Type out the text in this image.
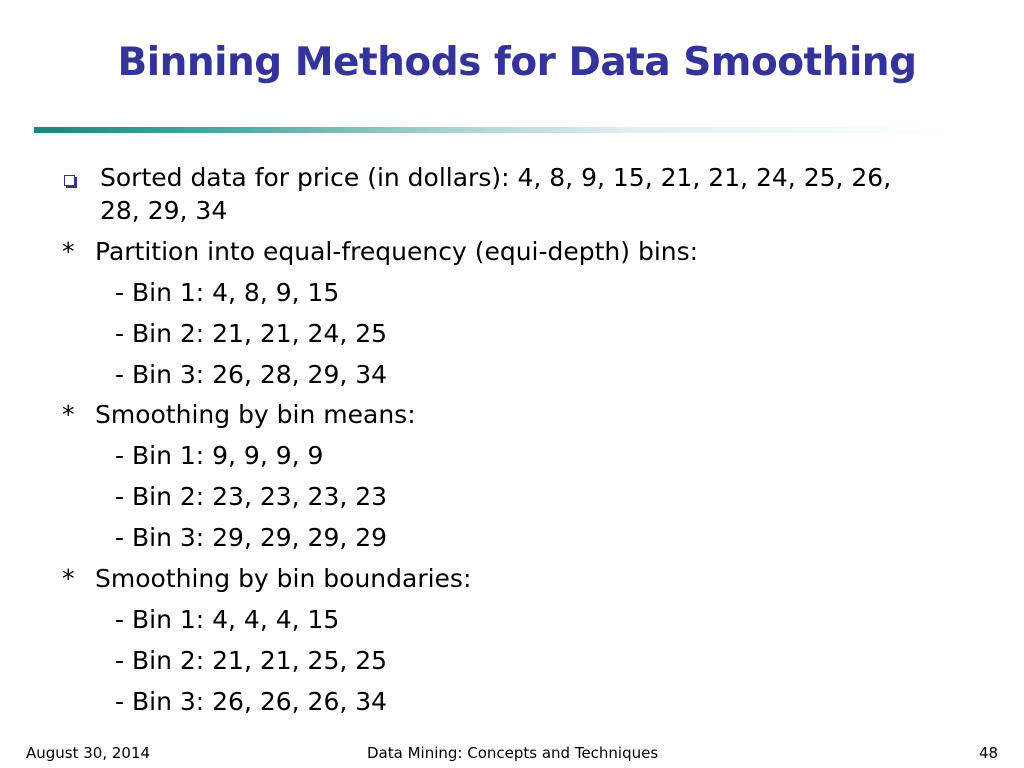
Binning Methods for Data Smoothing
Sorted data for price (in dollars): 4, 8, 9, 15, 21, 21, 24, 25, 26,
28, 29, 34
* Partition into equal-frequency (equi-depth) bins:
- Bin 1: 4, 8, 9, 15
- Bin 2: 21, 21, 24, 25
- Bin 3: 26, 28, 29, 34
* Smoothing by bin means:
- Bin 1: 9, 9, 9, 9
- Bin 2: 23, 23, 23, 23
- Bin 3: 29, 29, 29, 29
* Smoothing by bin boundaries:
- Bin 1: 4, 4, 4, 15
- Bin 2: 21, 21, 25, 25
- Bin 3: 26, 26, 26, 34
August 30, 2014	Data Mining: Concepts and Techniques	48
